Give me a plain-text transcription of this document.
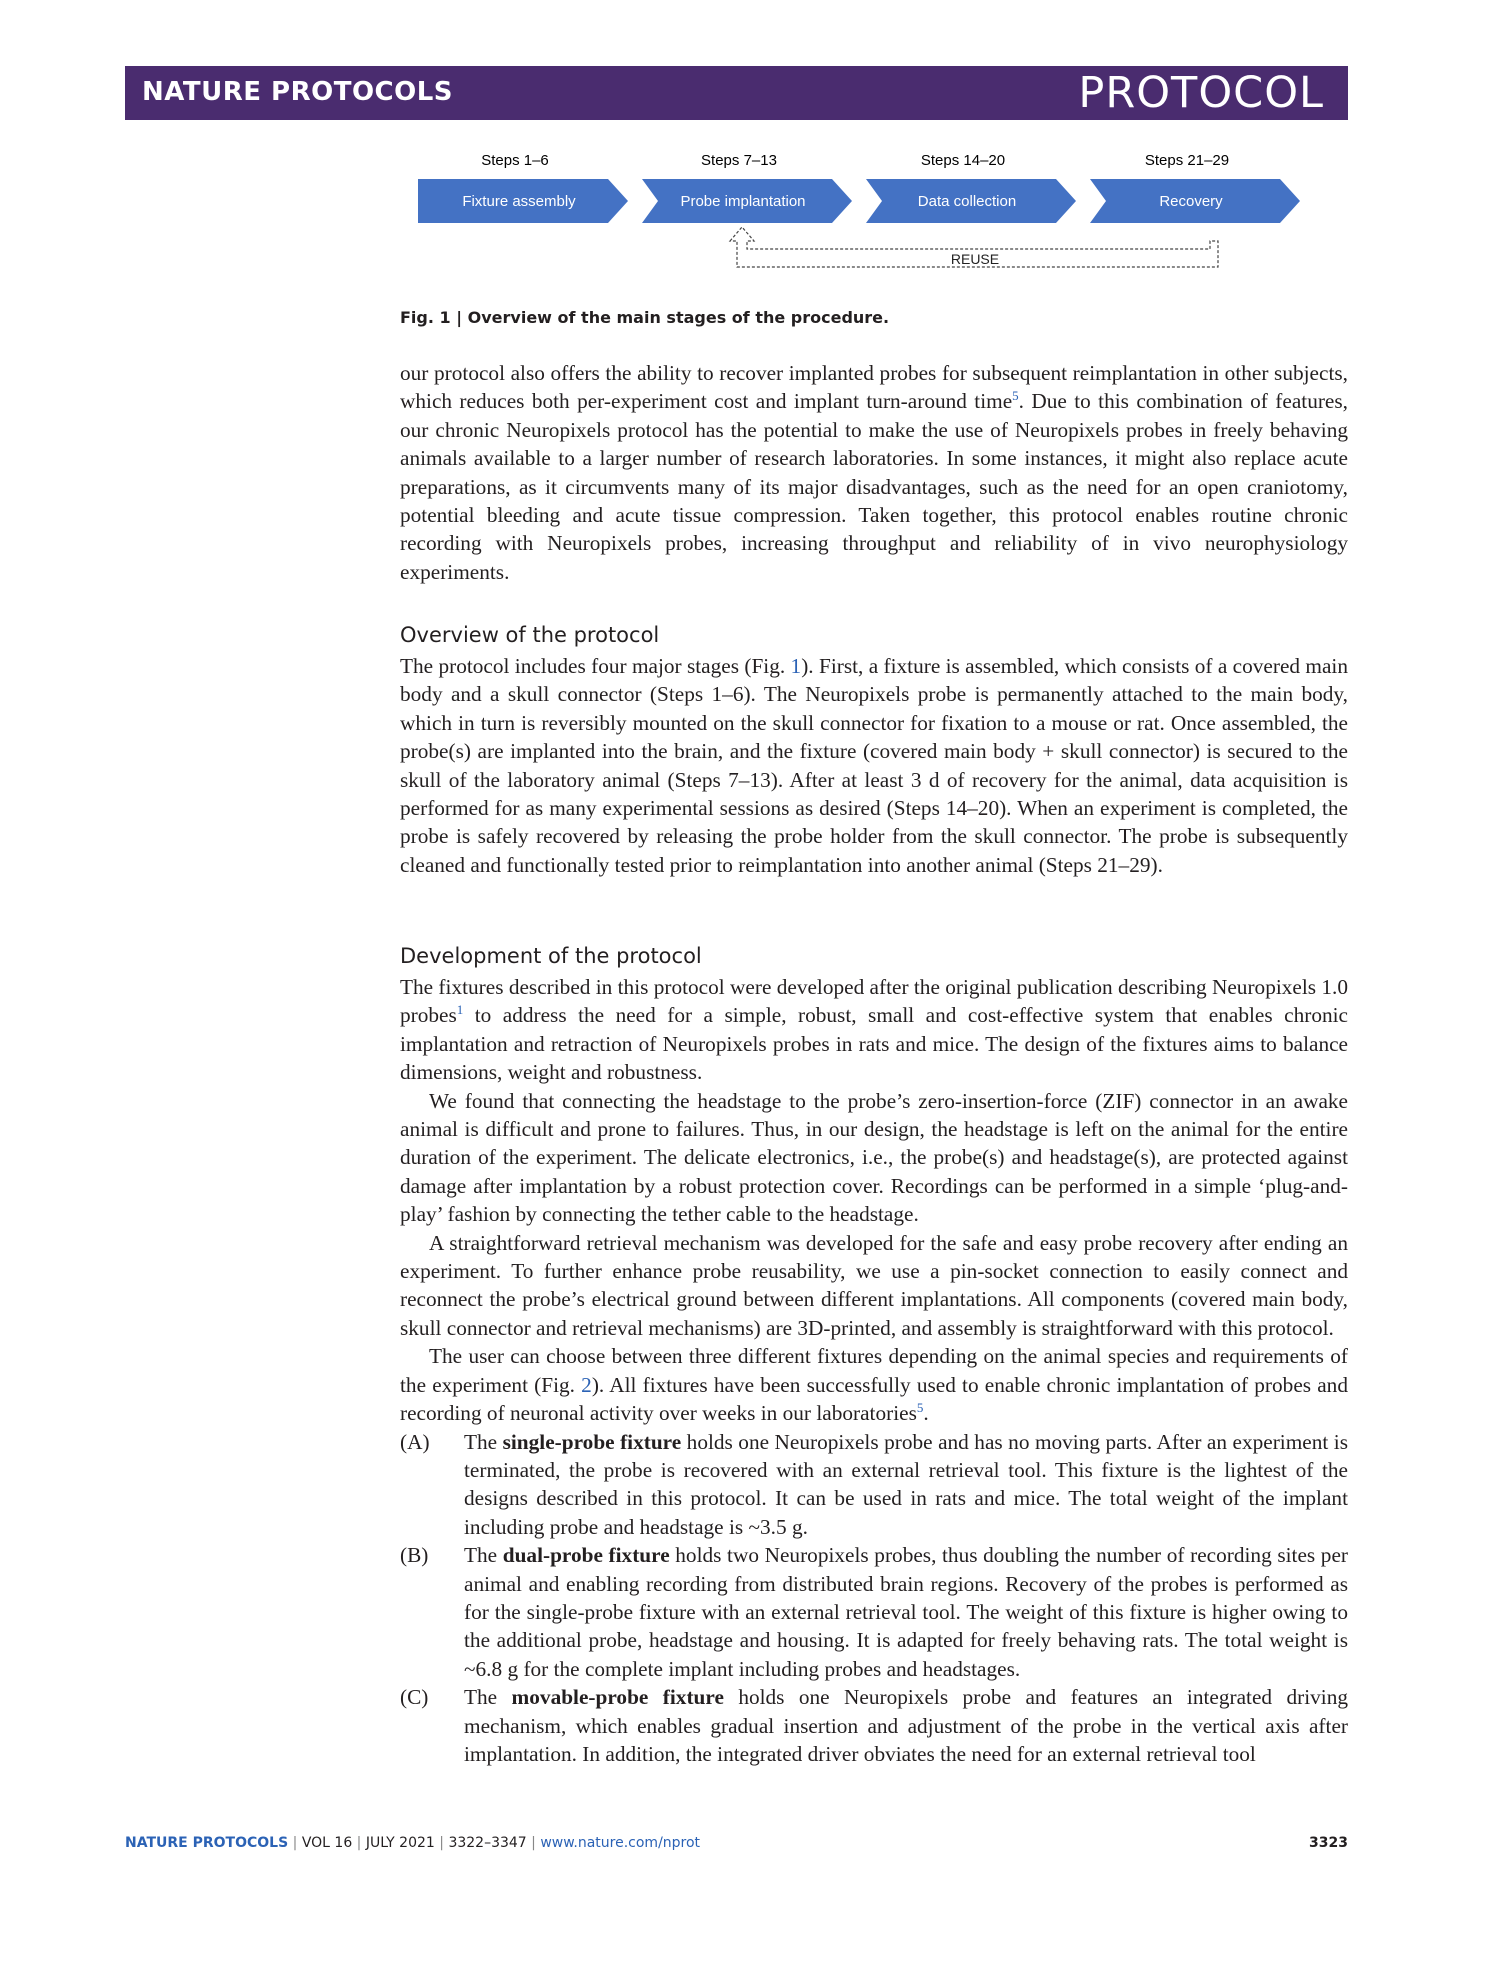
NATURE PROTOCOLS	PROTOCOL
Fixture assembly
Steps 1–6
Probe implantation
Steps 7–13
Data collection
Steps 14–20
Recovery
Steps 21–29
REUSE
Fig. 1 | Overview of the main stages of the procedure.

our protocol also offers the ability to recover implanted probes for subsequent reimplantation in other subjects, which reduces both per-experiment cost and implant turn-around time$^5$. Due to this combination of features, our chronic Neuropixels protocol has the potential to make the use of Neuropixels probes in freely behaving animals available to a larger number of research laboratories. In some instances, it might also replace acute preparations, as it circumvents many of its major disadvantages, such as the need for an open craniotomy, potential bleeding and acute tissue compression. Taken together, this protocol enables routine chronic recording with Neuropixels probes, increasing throughput and reliability of in vivo neurophysiology experiments.

Overview of the protocol

The protocol includes four major stages (Fig. 1). First, a fixture is assembled, which consists of a covered main body and a skull connector (Steps 1–6). The Neuropixels probe is permanently attached to the main body, which in turn is reversibly mounted on the skull connector for fixation to a mouse or rat. Once assembled, the probe(s) are implanted into the brain, and the fixture (covered main body + skull connector) is secured to the skull of the laboratory animal (Steps 7–13). After at least 3 d of recovery for the animal, data acquisition is performed for as many experimental sessions as desired (Steps 14–20). When an experiment is completed, the probe is safely recovered by releasing the probe holder from the skull connector. The probe is subsequently cleaned and functionally tested prior to reimplantation into another animal (Steps 21–29).

Development of the protocol

The fixtures described in this protocol were developed after the original publication describing Neuropixels 1.0 probes$^1$ to address the need for a simple, robust, small and cost-effective system that enables chronic implantation and retraction of Neuropixels probes in rats and mice. The design of the fixtures aims to balance dimensions, weight and robustness.

We found that connecting the headstage to the probe’s zero-insertion-force (ZIF) connector in an awake animal is difficult and prone to failures. Thus, in our design, the headstage is left on the animal for the entire duration of the experiment. The delicate electronics, i.e., the probe(s) and headstage(s), are protected against damage after implantation by a robust protection cover. Recordings can be performed in a simple ‘plug-and-play’ fashion by connecting the tether cable to the headstage.

A straightforward retrieval mechanism was developed for the safe and easy probe recovery after ending an experiment. To further enhance probe reusability, we use a pin-socket connection to easily connect and reconnect the probe’s electrical ground between different implantations. All components (covered main body, skull connector and retrieval mechanisms) are 3D-printed, and assembly is straightforward with this protocol.

The user can choose between three different fixtures depending on the animal species and requirements of the experiment (Fig. 2). All fixtures have been successfully used to enable chronic implantation of probes and recording of neuronal activity over weeks in our laboratories$^5$.

(A) The single-probe fixture holds one Neuropixels probe and has no moving parts. After an experiment is terminated, the probe is recovered with an external retrieval tool. This fixture is the lightest of the designs described in this protocol. It can be used in rats and mice. The total weight of the implant including probe and headstage is ~3.5 g.
(B) The dual-probe fixture holds two Neuropixels probes, thus doubling the number of recording sites per animal and enabling recording from distributed brain regions. Recovery of the probes is performed as for the single-probe fixture with an external retrieval tool. The weight of this fixture is higher owing to the additional probe, headstage and housing. It is adapted for freely behaving rats. The total weight is ~6.8 g for the complete implant including probes and headstages.
(C) The movable-probe fixture holds one Neuropixels probe and features an integrated driving mechanism, which enables gradual insertion and adjustment of the probe in the vertical axis after implantation. In addition, the integrated driver obviates the need for an external retrieval tool
NATURE PROTOCOLS | VOL 16 | JULY 2021 | 3322–3347 | www.nature.com/nprot	3323
